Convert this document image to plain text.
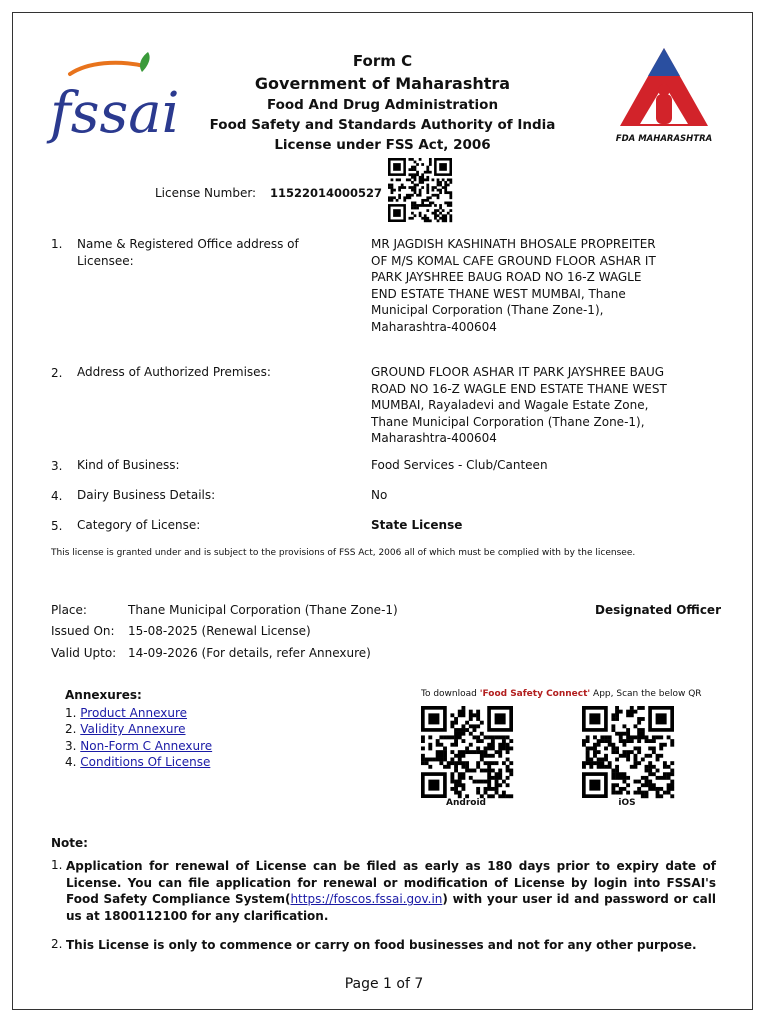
fssai	FDA MAHARASHTRA
Form C
Government of Maharashtra
Food And Drug Administration
Food Safety and Standards Authority of India
License under FSS Act, 2006
License Number: 11522014000527
1. Name & Registered Office address of Licensee:
MR JAGDISH KASHINATH BHOSALE PROPREITER OF M/S KOMAL CAFE GROUND FLOOR ASHAR IT PARK JAYSHREE BAUG ROAD NO 16-Z WAGLE END ESTATE THANE WEST MUMBAI, Thane Municipal Corporation (Thane Zone-1), Maharashtra-400604
2. Address of Authorized Premises:	GROUND FLOOR ASHAR IT PARK JAYSHREE BAUG ROAD NO 16-Z WAGLE END ESTATE THANE WEST MUMBAI, Rayaladevi and Wagale Estate Zone, Thane Municipal Corporation (Thane Zone-1), Maharashtra-400604
3. Kind of Business:	Food Services - Club/Canteen
4. Dairy Business Details:	No
5. Category of License:	State License
This license is granted under and is subject to the provisions of FSS Act, 2006 all of which must be complied with by the licensee.
Place:	Thane Municipal Corporation (Thane Zone-1)
Issued On: 15-08-2025 (Renewal License)
Valid Upto: 14-09-2026 (For details, refer Annexure)
Designated Officer
Annexures:
1. Product Annexure
2. Validity Annexure
3. Non-Form C Annexure
4. Conditions Of License
To download 'Food Safety Connect' App, Scan the below QR
Android	iOS
Note:
1. Application for renewal of License can be filed as early as 180 days prior to expiry date of License. You can file application for renewal or modification of License by login into FSSAI's Food Safety Compliance System(https://foscos.fssai.gov.in) with your user id and password or call us at 1800112100 for any clarification.
2. This License is only to commence or carry on food businesses and not for any other purpose.
Page 1 of 7
